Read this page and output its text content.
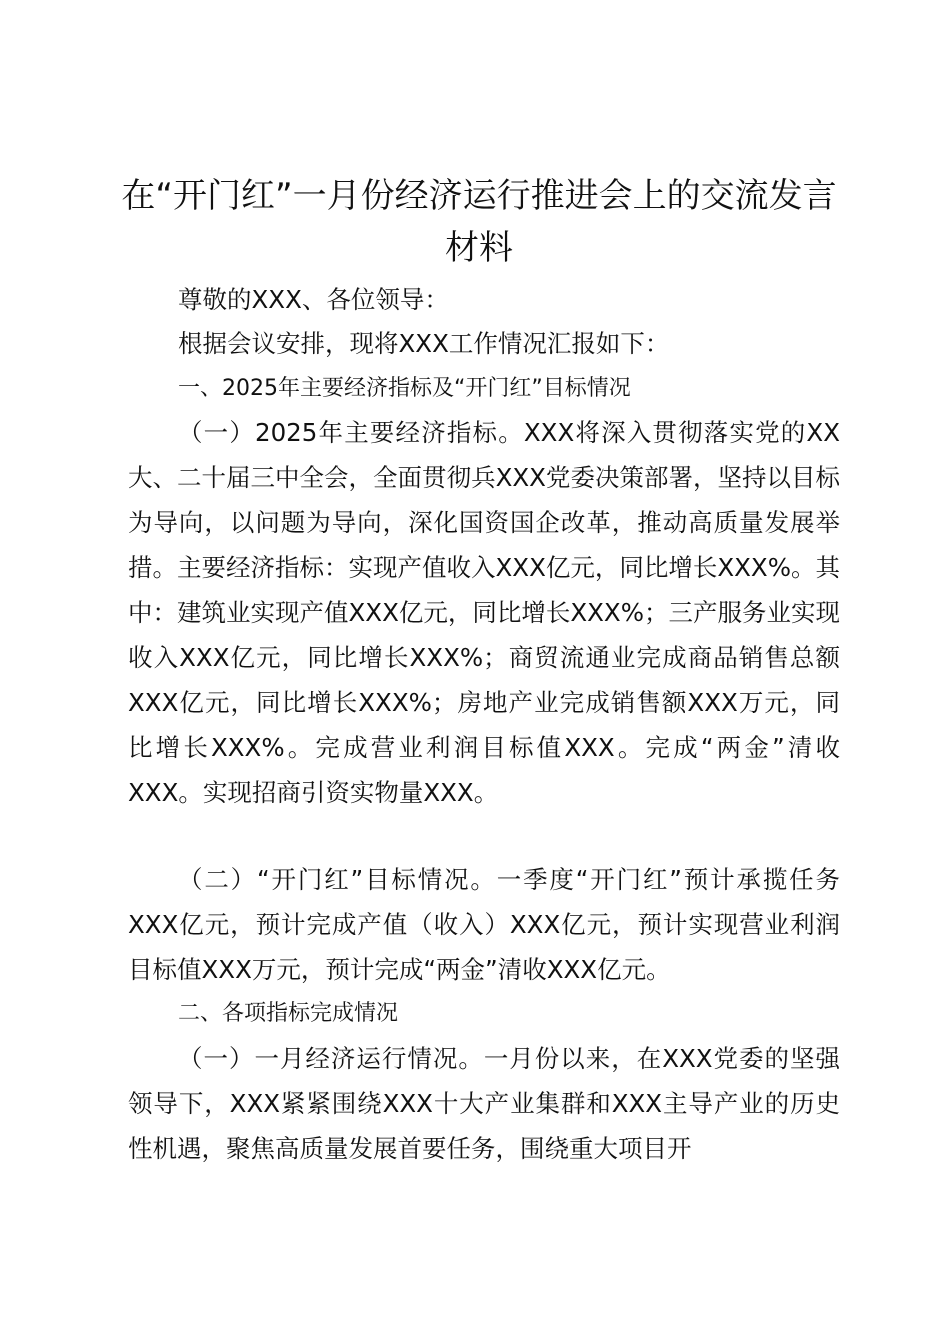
在“开门红”一月份经济运行推进会上的交流发言材料

尊敬的XXX、各位领导：

根据会议安排，现将XXX工作情况汇报如下：

一、2025年主要经济指标及“开门红”目标情况

（一）2025年主要经济指标。XXX将深入贯彻落实党的XX大、二十届三中全会，全面贯彻兵XXX党委决策部署，坚持以目标为导向，以问题为导向，深化国资国企改革，推动高质量发展举措。主要经济指标：实现产值收入XXX亿元，同比增长XXX%。其中：建筑业实现产值XXX亿元，同比增长XXX%；三产服务业实现收入XXX亿元，同比增长XXX%；商贸流通业完成商品销售总额XXX亿元，同比增长XXX%；房地产业完成销售额XXX万元，同比增长XXX%。完成营业利润目标值XXX。完成“两金”清收XXX。实现招商引资实物量XXX。

（二）“开门红”目标情况。一季度“开门红”预计承揽任务XXX亿元，预计完成产值（收入）XXX亿元，预计实现营业利润目标值XXX万元，预计完成“两金”清收XXX亿元。

二、各项指标完成情况

（一）一月经济运行情况。一月份以来，在XXX党委的坚强领导下，XXX紧紧围绕XXX十大产业集群和XXX主导产业的历史性机遇，聚焦高质量发展首要任务，围绕重大项目开
